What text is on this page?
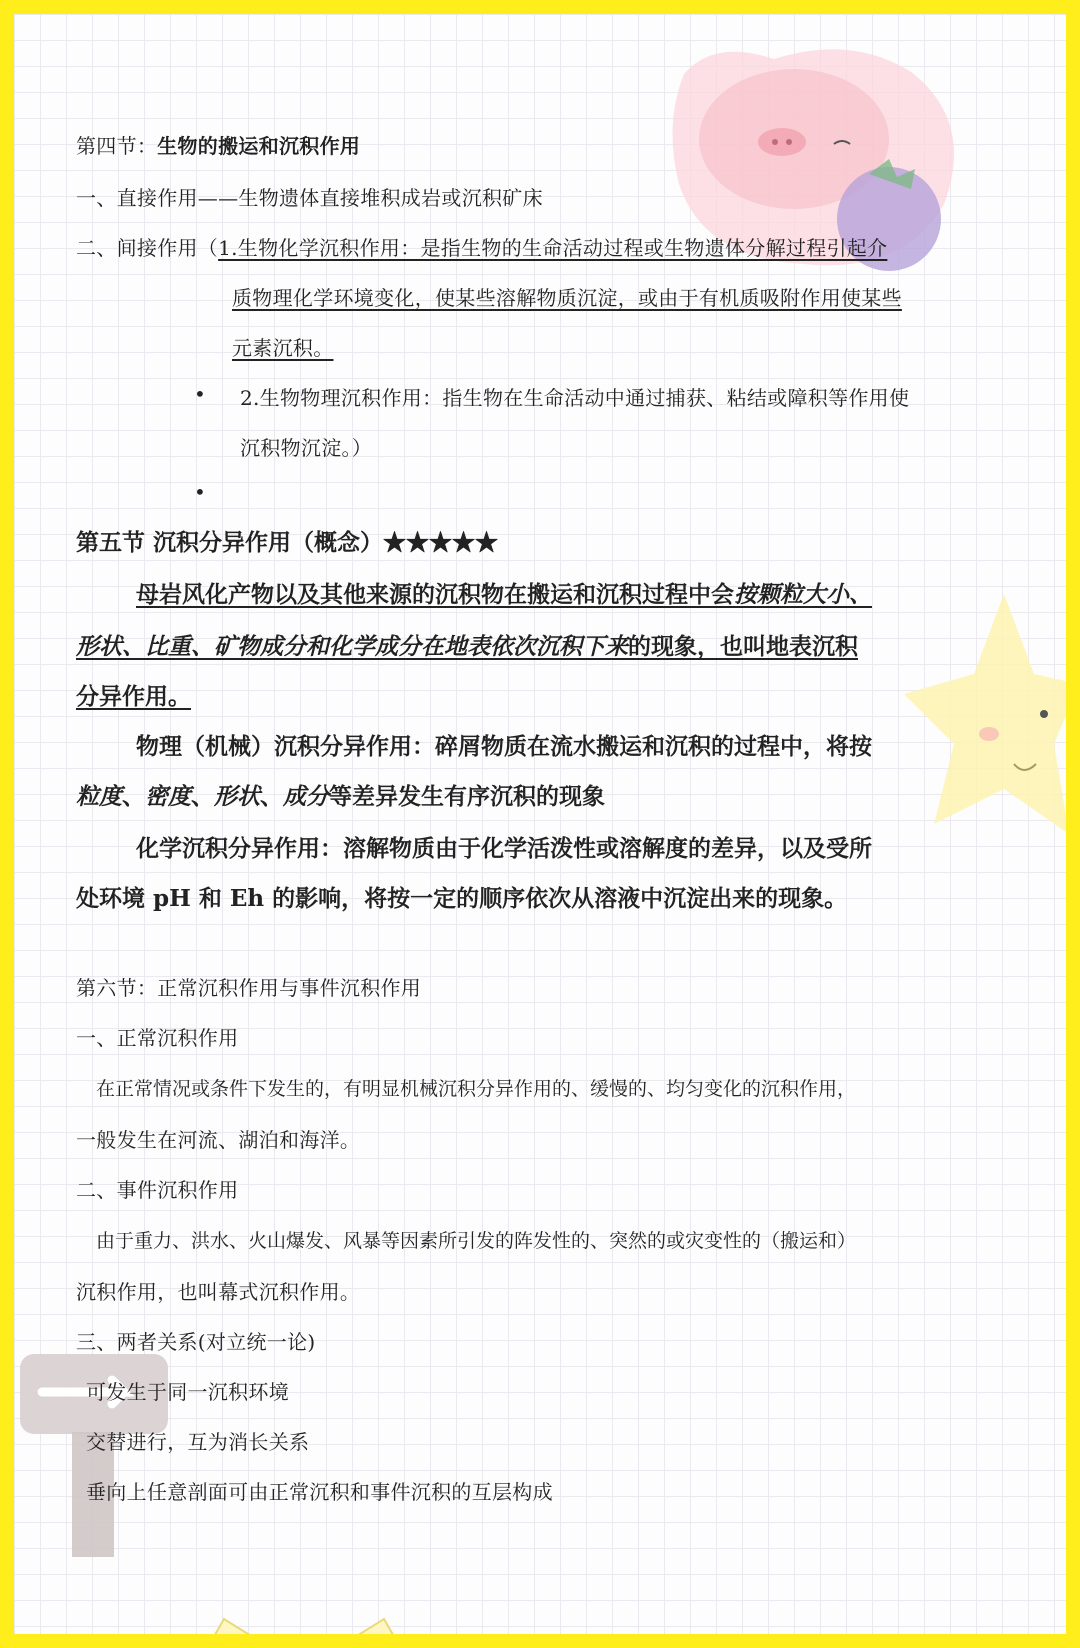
第四节：生物的搬运和沉积作用
一、直接作用——生物遗体直接堆积成岩或沉积矿床
二、间接作用（1.生物化学沉积作用：是指生物的生命活动过程或生物遗体分解过程引起介
质物理化学环境变化，使某些溶解物质沉淀，或由于有机质吸附作用使某些
元素沉积。
• 2.生物物理沉积作用：指生物在生命活动中通过捕获、粘结或障积等作用使
沉积物沉淀。）
•
第五节 沉积分异作用（概念）★★★★★
母岩风化产物以及其他来源的沉积物在搬运和沉积过程中会按颗粒大小、
形状、比重、矿物成分和化学成分在地表依次沉积下来的现象，也叫地表沉积
分异作用。
物理（机械）沉积分异作用：碎屑物质在流水搬运和沉积的过程中，将按
粒度、密度、形状、成分等差异发生有序沉积的现象
化学沉积分异作用：溶解物质由于化学活泼性或溶解度的差异，以及受所
处环境 pH 和 Eh 的影响，将按一定的顺序依次从溶液中沉淀出来的现象。
第六节：正常沉积作用与事件沉积作用
一、正常沉积作用
在正常情况或条件下发生的，有明显机械沉积分异作用的、缓慢的、均匀变化的沉积作用，
一般发生在河流、湖泊和海洋。
二、事件沉积作用
由于重力、洪水、火山爆发、风暴等因素所引发的阵发性的、突然的或灾变性的（搬运和）
沉积作用，也叫幕式沉积作用。
三、两者关系(对立统一论)
可发生于同一沉积环境
交替进行，互为消长关系
垂向上任意剖面可由正常沉积和事件沉积的互层构成
